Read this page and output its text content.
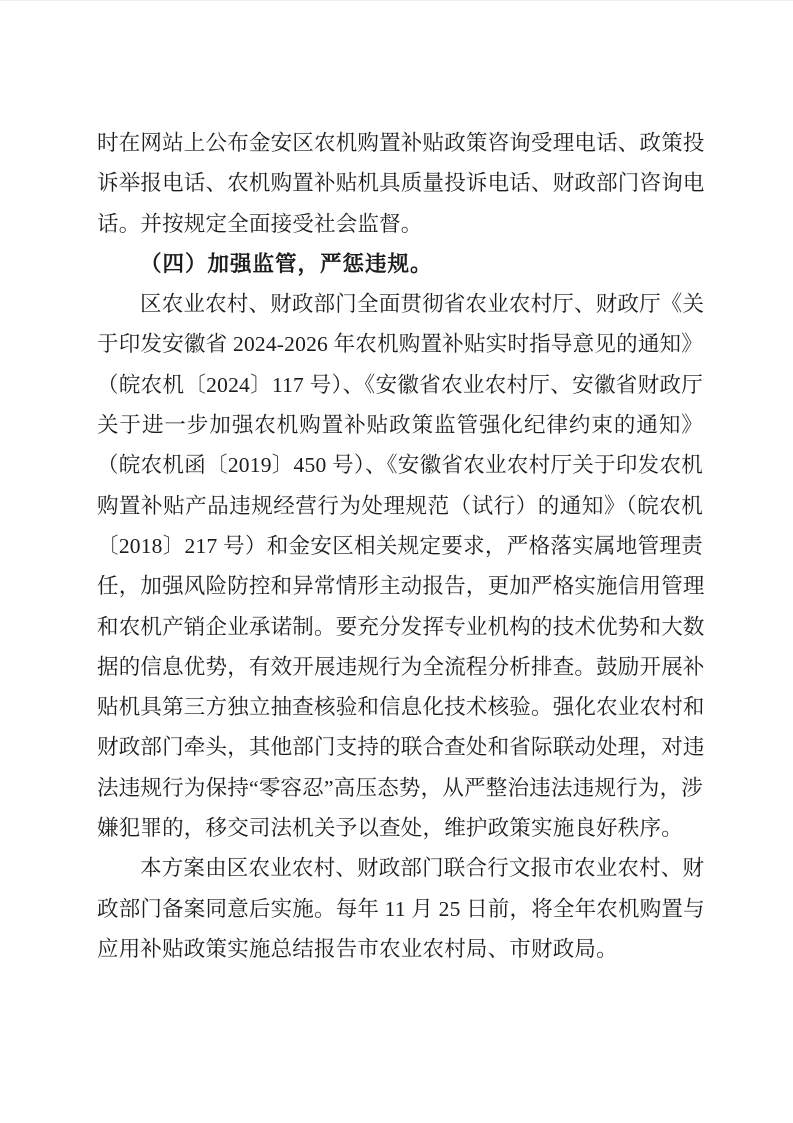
时在网站上公布金安区农机购置补贴政策咨询受理电话、政策投

诉举报电话、农机购置补贴机具质量投诉电话、财政部门咨询电

话。并按规定全面接受社会监督。

（四）加强监管，严惩违规。

区农业农村、财政部门全面贯彻省农业农村厅、财政厅《关

于印发安徽省 2024-2026 年农机购置补贴实时指导意见的通知》

（皖农机〔2024〕117 号）、《安徽省农业农村厅、安徽省财政厅

关于进一步加强农机购置补贴政策监管强化纪律约束的通知》

（皖农机函〔2019〕450 号）、《安徽省农业农村厅关于印发农机

购置补贴产品违规经营行为处理规范（试行）的通知》（皖农机

〔2018〕217 号）和金安区相关规定要求，严格落实属地管理责

任，加强风险防控和异常情形主动报告，更加严格实施信用管理

和农机产销企业承诺制。要充分发挥专业机构的技术优势和大数

据的信息优势，有效开展违规行为全流程分析排查。鼓励开展补

贴机具第三方独立抽查核验和信息化技术核验。强化农业农村和

财政部门牵头，其他部门支持的联合查处和省际联动处理，对违

法违规行为保持“零容忍”高压态势，从严整治违法违规行为，涉

嫌犯罪的，移交司法机关予以查处，维护政策实施良好秩序。

本方案由区农业农村、财政部门联合行文报市农业农村、财

政部门备案同意后实施。每年 11 月 25 日前，将全年农机购置与

应用补贴政策实施总结报告市农业农村局、市财政局。
